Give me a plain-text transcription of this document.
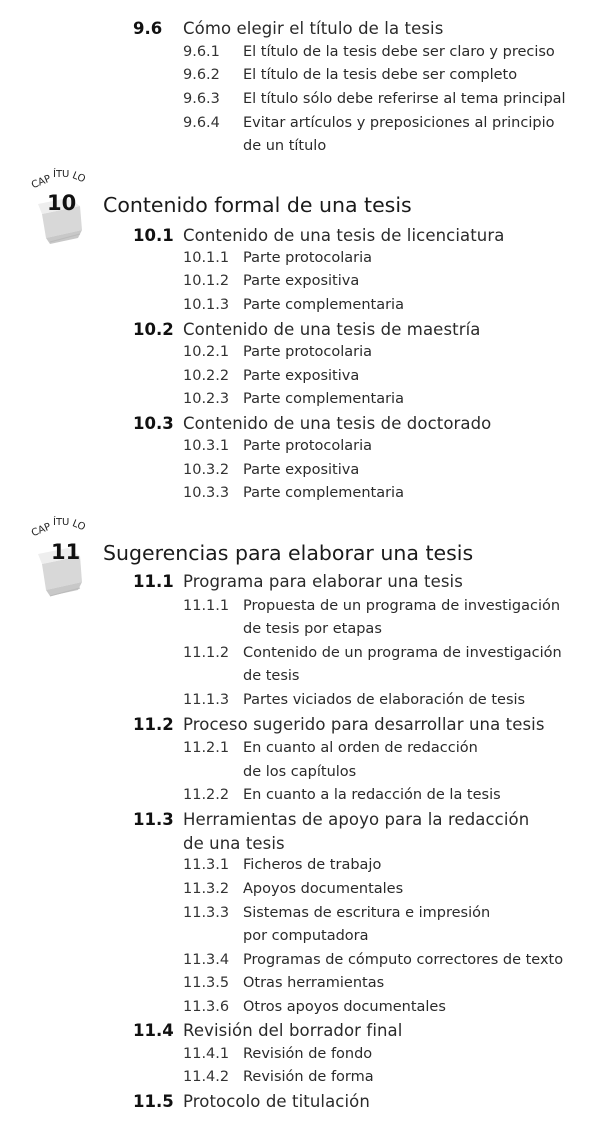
9.6 Cómo elegir el título de la tesis
9.6.1 El título de la tesis debe ser claro y preciso
9.6.2 El título de la tesis debe ser completo
9.6.3 El título sólo debe referirse al tema principal
9.6.4 Evitar artículos y preposiciones al principio
de un título
CAP ÍTU LO
10 Contenido formal de una tesis
10.1 Contenido de una tesis de licenciatura
10.1.1 Parte protocolaria
10.1.2 Parte expositiva
10.1.3 Parte complementaria
10.2 Contenido de una tesis de maestría
10.2.1 Parte protocolaria
10.2.2 Parte expositiva
10.2.3 Parte complementaria
10.3 Contenido de una tesis de doctorado
10.3.1 Parte protocolaria
10.3.2 Parte expositiva
10.3.3 Parte complementaria
CAP ÍTU LO
11 Sugerencias para elaborar una tesis
11.1 Programa para elaborar una tesis
11.1.1 Propuesta de un programa de investigación
de tesis por etapas
11.1.2 Contenido de un programa de investigación
de tesis
11.1.3 Partes viciados de elaboración de tesis
11.2 Proceso sugerido para desarrollar una tesis
11.2.1 En cuanto al orden de redacción
de los capítulos
11.2.2 En cuanto a la redacción de la tesis
11.3 Herramientas de apoyo para la redacción
de una tesis
11.3.1 Ficheros de trabajo
11.3.2 Apoyos documentales
11.3.3 Sistemas de escritura e impresión
por computadora
11.3.4 Programas de cómputo correctores de texto
11.3.5 Otras herramientas
11.3.6 Otros apoyos documentales
11.4 Revisión del borrador final
11.4.1 Revisión de fondo
11.4.2 Revisión de forma
11.5 Protocolo de titulación
